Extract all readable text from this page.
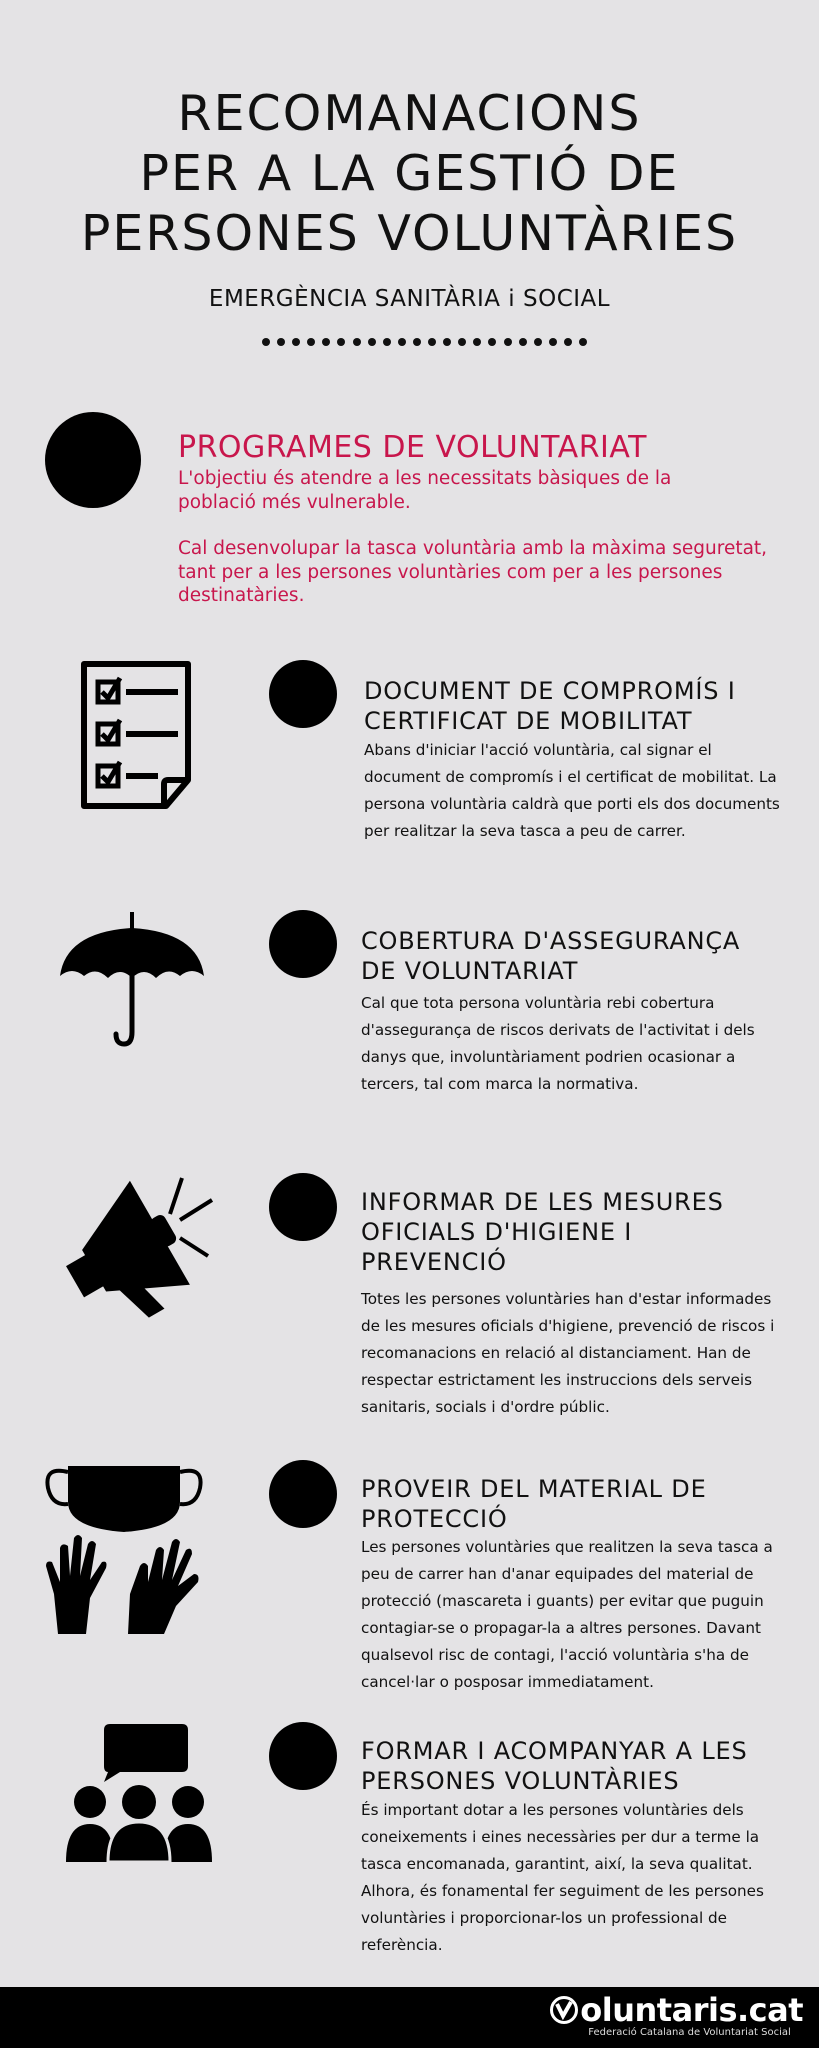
RECOMANACIONS
PER A LA GESTIÓ DE
PERSONES VOLUNTÀRIES
EMERGÈNCIA SANITÀRIA i SOCIAL
PROGRAMES DE VOLUNTARIAT
L'objectiu és atendre a les necessitats bàsiques de la població més vulnerable.
Cal desenvolupar la tasca voluntària amb la màxima seguretat, tant per a les persones voluntàries com per a les persones destinatàries.
DOCUMENT DE COMPROMÍS I CERTIFICAT DE MOBILITAT
Abans d'iniciar l'acció voluntària, cal signar el document de compromís i el certificat de mobilitat. La persona voluntària caldrà que porti els dos documents per realitzar la seva tasca a peu de carrer.
COBERTURA D'ASSEGURANÇA DE VOLUNTARIAT
Cal que tota persona voluntària rebi cobertura d'assegurança de riscos derivats de l'activitat i dels danys que, involuntàriament podrien ocasionar a tercers, tal com marca la normativa.
INFORMAR DE LES MESURES OFICIALS D'HIGIENE I PREVENCIÓ
Totes les persones voluntàries han d'estar informades de les mesures oficials d'higiene, prevenció de riscos i recomanacions en relació al distanciament. Han de respectar estrictament les instruccions dels serveis sanitaris, socials i d'ordre públic.
PROVEIR DEL MATERIAL DE PROTECCIÓ
Les persones voluntàries que realitzen la seva tasca a peu de carrer han d'anar equipades del material de protecció (mascareta i guants) per evitar que puguin contagiar-se o propagar-la a altres persones. Davant qualsevol risc de contagi, l'acció voluntària s'ha de cancel·lar o posposar immediatament.
FORMAR I ACOMPANYAR A LES PERSONES VOLUNTÀRIES
És important dotar a les persones voluntàries dels coneixements i eines necessàries per dur a terme la tasca encomanada, garantint, així, la seva qualitat. Alhora, és fonamental fer seguiment de les persones voluntàries i proporcionar-los un professional de referència.
oluntaris.cat
Federació Catalana de Voluntariat Social
